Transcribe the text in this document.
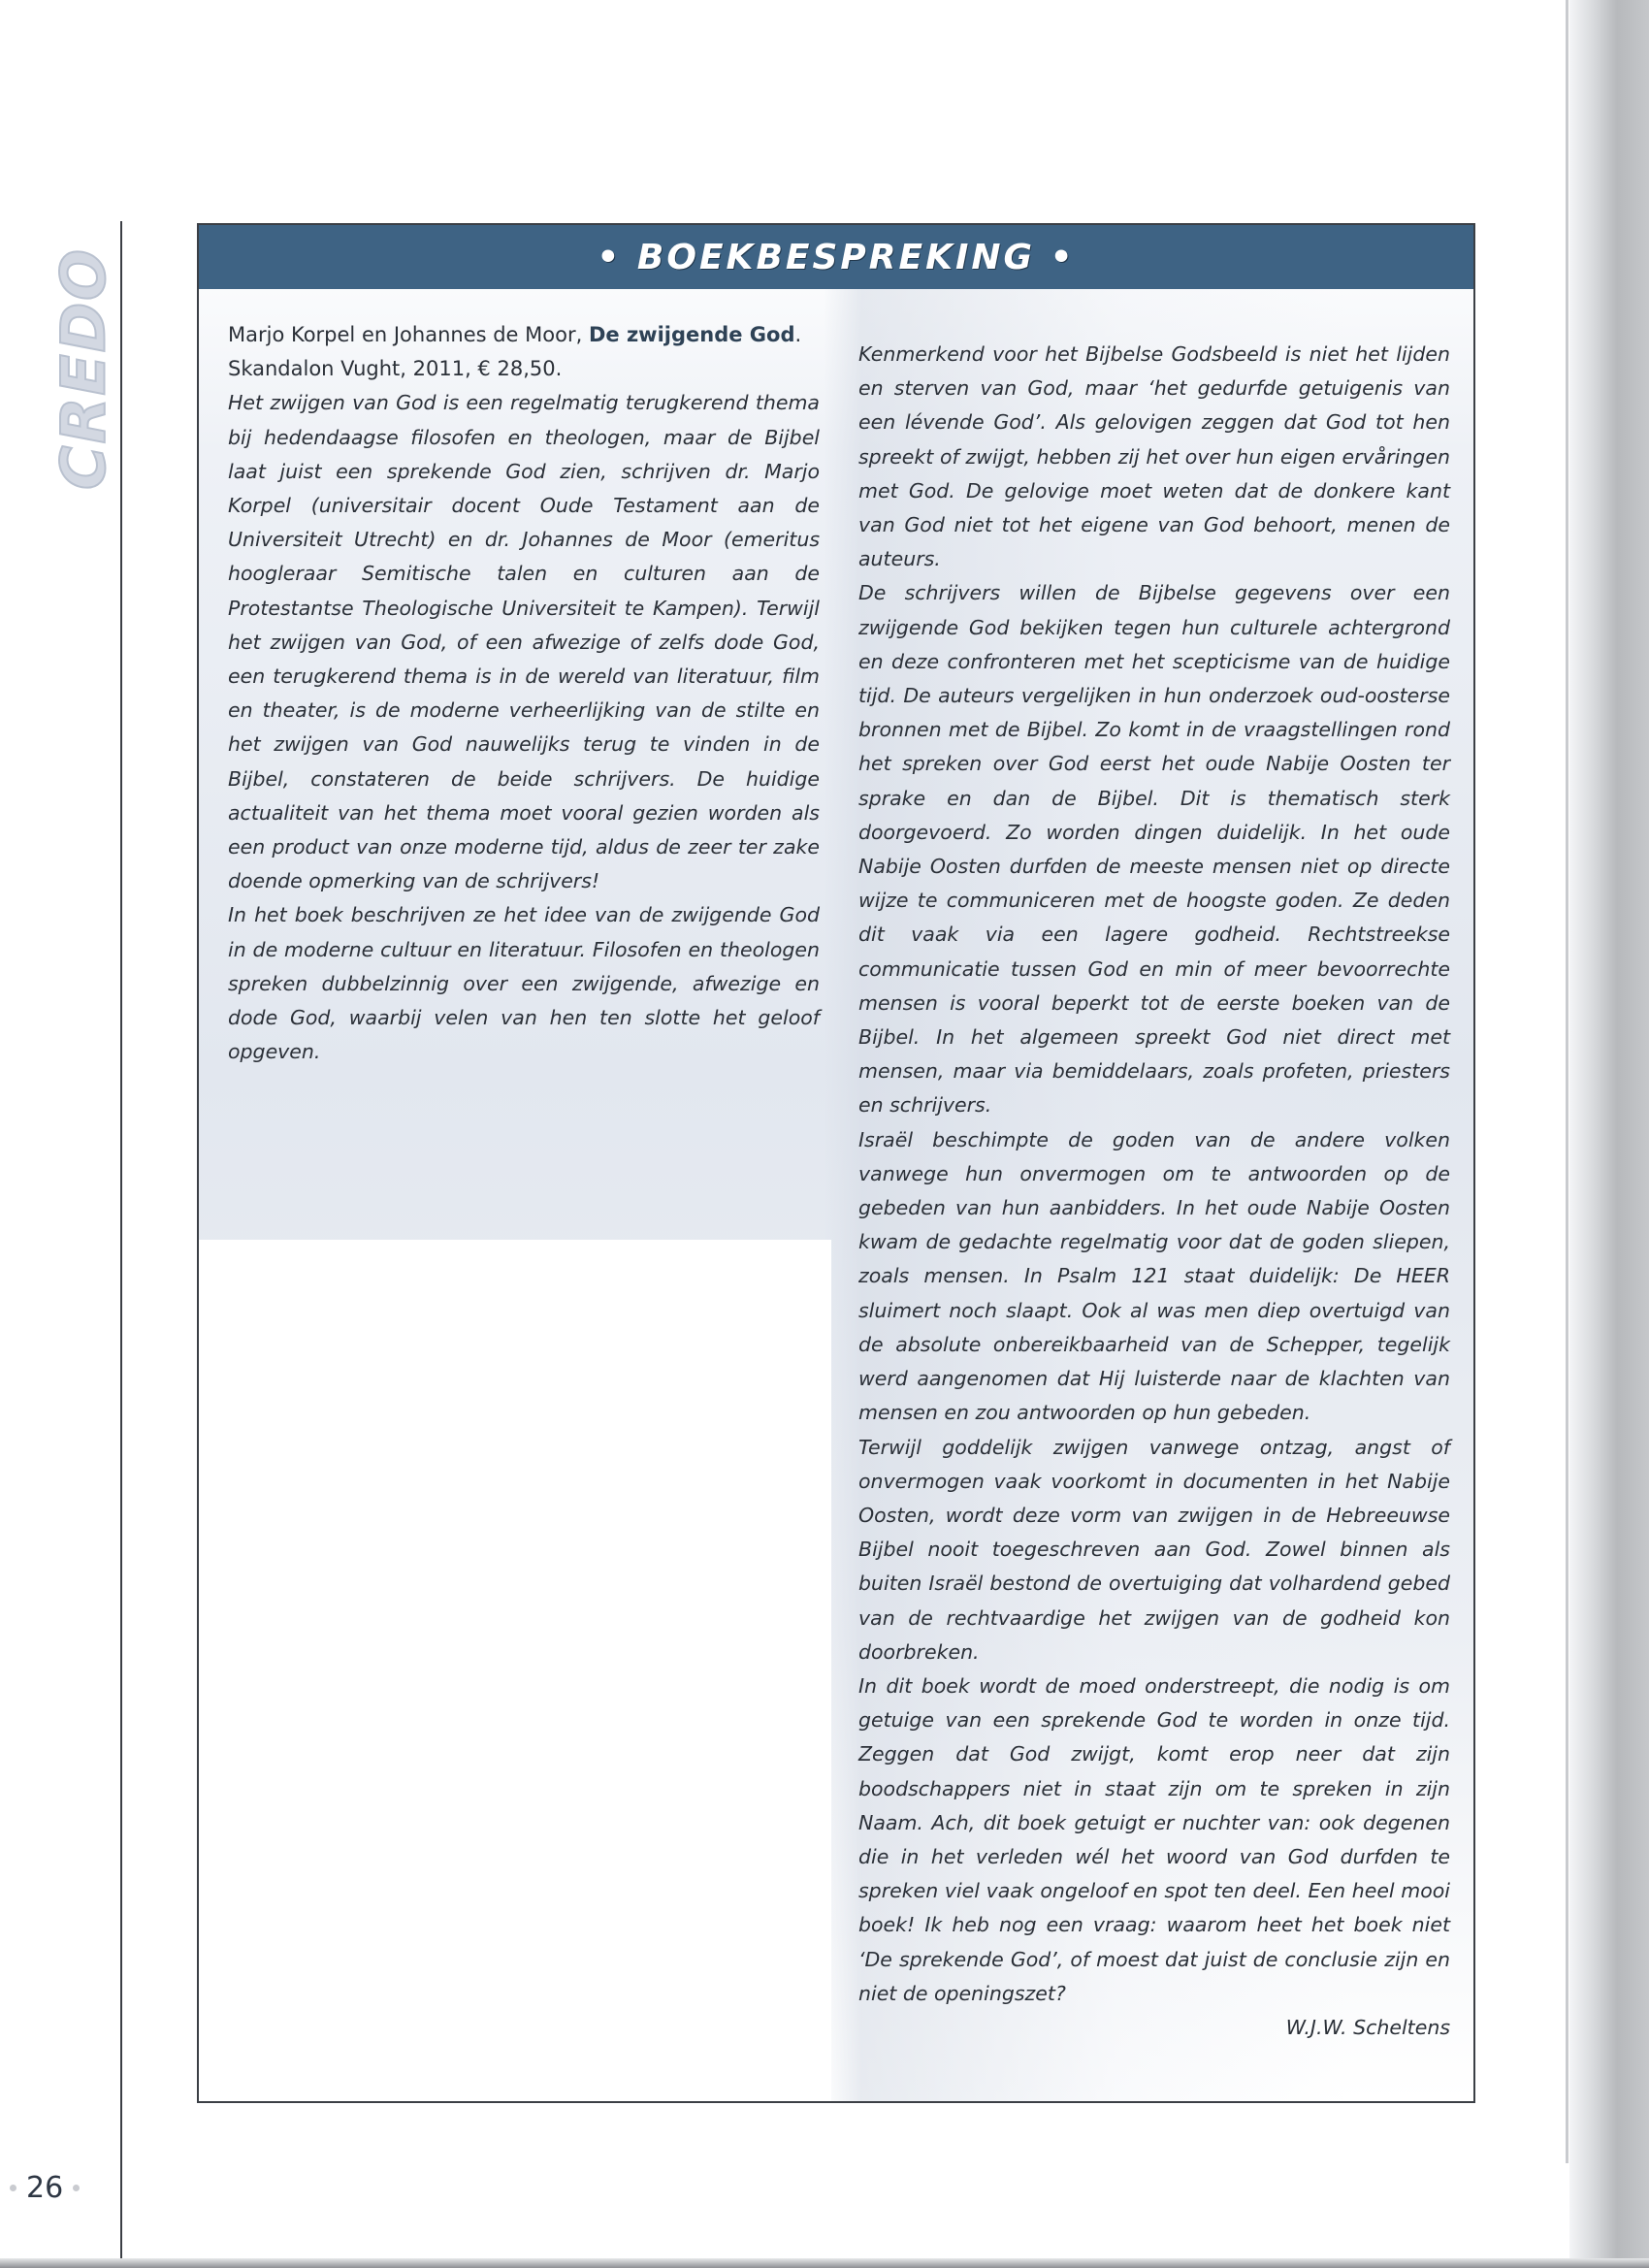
CREDO
26
• BOEKBESPREKING •

Marjo Korpel en Johannes de Moor, De zwijgende God.
Skandalon Vught, 2011, € 28,50.

Het zwijgen van God is een regelmatig terugkerend thema bij hedendaagse filosofen en theologen, maar de Bijbel laat juist een sprekende God zien, schrijven dr. Marjo Korpel (universitair docent Oude Testament aan de Universiteit Utrecht) en dr. Johannes de Moor (emeritus hoogleraar Semitische talen en culturen aan de Protestantse Theologische Universiteit te Kampen). Terwijl het zwijgen van God, of een afwezige of zelfs dode God, een terugkerend thema is in de wereld van literatuur, film en theater, is de moderne verheerlijking van de stilte en het zwijgen van God nauwelijks terug te vinden in de Bijbel, constateren de beide schrijvers. De huidige actualiteit van het thema moet vooral gezien worden als een product van onze moderne tijd, aldus de zeer ter zake doende opmerking van de schrijvers!

In het boek beschrijven ze het idee van de zwijgende God in de moderne cultuur en literatuur. Filosofen en theologen spreken dubbelzinnig over een zwijgende, afwezige en dode God, waarbij velen van hen ten slotte het geloof opgeven.

Kenmerkend voor het Bijbelse Godsbeeld is niet het lijden en sterven van God, maar ‘het gedurfde getuigenis van een lévende God’. Als gelovigen zeggen dat God tot hen spreekt of zwijgt, hebben zij het over hun eigen ervåringen met God. De gelovige moet weten dat de donkere kant van God niet tot het eigene van God behoort, menen de auteurs.

De schrijvers willen de Bijbelse gegevens over een zwijgende God bekijken tegen hun culturele achtergrond en deze confronteren met het scepticisme van de huidige tijd. De auteurs vergelijken in hun onderzoek oud-oosterse bronnen met de Bijbel. Zo komt in de vraagstellingen rond het spreken over God eerst het oude Nabije Oosten ter sprake en dan de Bijbel. Dit is thematisch sterk doorgevoerd. Zo worden dingen duidelijk. In het oude Nabije Oosten durfden de meeste mensen niet op directe wijze te communiceren met de hoogste goden. Ze deden dit vaak via een lagere godheid. Rechtstreekse communicatie tussen God en min of meer bevoorrechte mensen is vooral beperkt tot de eerste boeken van de Bijbel. In het algemeen spreekt God niet direct met mensen, maar via bemiddelaars, zoals profeten, priesters en schrijvers.

Israël beschimpte de goden van de andere volken vanwege hun onvermogen om te antwoorden op de gebeden van hun aanbidders. In het oude Nabije Oosten kwam de gedachte regelmatig voor dat de goden sliepen, zoals mensen. In Psalm 121 staat duidelijk: De HEER sluimert noch slaapt. Ook al was men diep overtuigd van de absolute onbereikbaarheid van de Schepper, tegelijk werd aangenomen dat Hij luisterde naar de klachten van mensen en zou antwoorden op hun gebeden.

Terwijl goddelijk zwijgen vanwege ontzag, angst of onvermogen vaak voorkomt in documenten in het Nabije Oosten, wordt deze vorm van zwijgen in de Hebreeuwse Bijbel nooit toegeschreven aan God. Zowel binnen als buiten Israël bestond de overtuiging dat volhardend gebed van de rechtvaardige het zwijgen van de godheid kon doorbreken.

In dit boek wordt de moed onderstreept, die nodig is om getuige van een sprekende God te worden in onze tijd. Zeggen dat God zwijgt, komt erop neer dat zijn boodschappers niet in staat zijn om te spreken in zijn Naam. Ach, dit boek getuigt er nuchter van: ook degenen die in het verleden wél het woord van God durfden te spreken viel vaak ongeloof en spot ten deel. Een heel mooi boek! Ik heb nog een vraag: waarom heet het boek niet ‘De sprekende God’, of moest dat juist de conclusie zijn en niet de openingszet?

W.J.W. Scheltens
